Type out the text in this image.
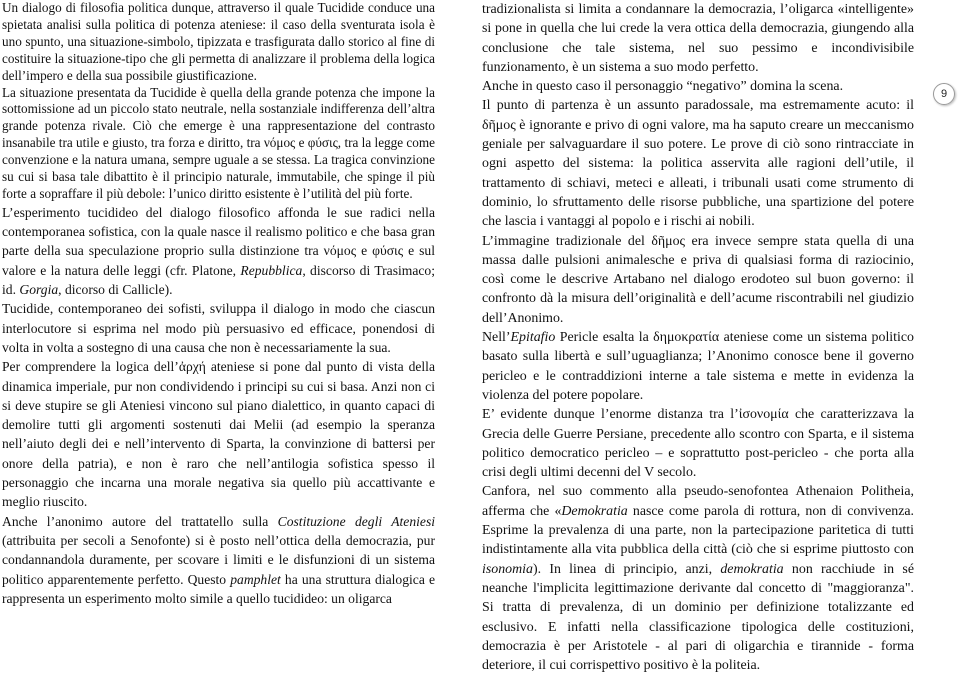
Un dialogo di filosofia politica dunque, attraverso il quale Tucidide conduce una spietata analisi sulla politica di potenza ateniese: il caso della sventurata isola è uno spunto, una situazione-simbolo, tipizzata e trasfigurata dallo storico al fine di costituire la situazione-tipo che gli permetta di analizzare il problema della logica dell’impero e della sua possibile giustificazione.

La situazione presentata da Tucidide è quella della grande potenza che impone la sottomissione ad un piccolo stato neutrale, nella sostanziale indifferenza dell’altra grande potenza rivale. Ciò che emerge è una rappresentazione del contrasto insanabile tra utile e giusto, tra forza e diritto, tra νόμος e φύσις, tra la legge come convenzione e la natura umana, sempre uguale a se stessa. La tragica convinzione su cui si basa tale dibattito è il principio naturale, immutabile, che spinge il più forte a sopraffare il più debole: l’unico diritto esistente è l’utilità del più forte.

L’esperimento tucidideo del dialogo filosofico affonda le sue radici nella contemporanea sofistica, con la quale nasce il realismo politico e che basa gran parte della sua speculazione proprio sulla distinzione tra νόμος e φύσις e sul valore e la natura delle leggi (cfr. Platone, Repubblica, discorso di Trasimaco; id. Gorgia, dicorso di Callicle).

Tucidide, contemporaneo dei sofisti, sviluppa il dialogo in modo che ciascun interlocutore si esprima nel modo più persuasivo ed efficace, ponendosi di volta in volta a sostegno di una causa che non è necessariamente la sua.

Per comprendere la logica dell’ἀρχή ateniese si pone dal punto di vista della dinamica imperiale, pur non condividendo i principi su cui si basa. Anzi non ci si deve stupire se gli Ateniesi vincono sul piano dialettico, in quanto capaci di demolire tutti gli argomenti sostenuti dai Melii (ad esempio la speranza nell’aiuto degli dei e nell’intervento di Sparta, la convinzione di battersi per onore della patria), e non è raro che nell’antilogia sofistica spesso il personaggio che incarna una morale negativa sia quello più accattivante e meglio riuscito.

Anche l’anonimo autore del trattatello sulla Costituzione degli Ateniesi (attribuita per secoli a Senofonte) si è posto nell’ottica della democrazia, pur condannandola duramente, per scovare i limiti e le disfunzioni di un sistema politico apparentemente perfetto. Questo pamphlet ha una struttura dialogica e rappresenta un esperimento molto simile a quello tucidideo: un oligarca

tradizionalista si limita a condannare la democrazia, l’oligarca «intelligente» si pone in quella che lui crede la vera ottica della democrazia, giungendo alla conclusione che tale sistema, nel suo pessimo e incondivisibile funzionamento, è un sistema a suo modo perfetto.

Anche in questo caso il personaggio “negativo” domina la scena.

Il punto di partenza è un assunto paradossale, ma estremamente acuto: il δῆμος è ignorante e privo di ogni valore, ma ha saputo creare un meccanismo geniale per salvaguardare il suo potere. Le prove di ciò sono rintracciate in ogni aspetto del sistema: la politica asservita alle ragioni dell’utile, il trattamento di schiavi, meteci e alleati, i tribunali usati come strumento di dominio, lo sfruttamento delle risorse pubbliche, una spartizione del potere che lascia i vantaggi al popolo e i rischi ai nobili.

L’immagine tradizionale del δῆμος era invece sempre stata quella di una massa dalle pulsioni animalesche e priva di qualsiasi forma di raziocinio, così come le descrive Artabano nel dialogo erodoteo sul buon governo: il confronto dà la misura dell’originalità e dell’acume riscontrabili nel giudizio dell’Anonimo.

Nell’Epitafio Pericle esalta la δημοκρατία ateniese come un sistema politico basato sulla libertà e sull’uguaglianza; l’Anonimo conosce bene il governo pericleo e le contraddizioni interne a tale sistema e mette in evidenza la violenza del potere popolare.

E’ evidente dunque l’enorme distanza tra l’ἰσονομία che caratterizzava la Grecia delle Guerre Persiane, precedente allo scontro con Sparta, e il sistema politico democratico pericleo – e soprattutto post-pericleo - che porta alla crisi degli ultimi decenni del V secolo.

Canfora, nel suo commento alla pseudo-senofontea Athenaion Politheia, afferma che «Demokratia nasce come parola di rottura, non di convivenza. Esprime la prevalenza di una parte, non la partecipazione paritetica di tutti indistintamente alla vita pubblica della città (ciò che si esprime piuttosto con isonomia). In linea di principio, anzi, demokratia non racchiude in sé neanche l'implicita legittimazione derivante dal concetto di "maggioranza". Si tratta di prevalenza, di un dominio per definizione totalizzante ed esclusivo. E infatti nella classificazione tipologica delle costituzioni, democrazia è per Aristotele - al pari di oligarchia e tirannide - forma deteriore, il cui corrispettivo positivo è la politeia.

9
